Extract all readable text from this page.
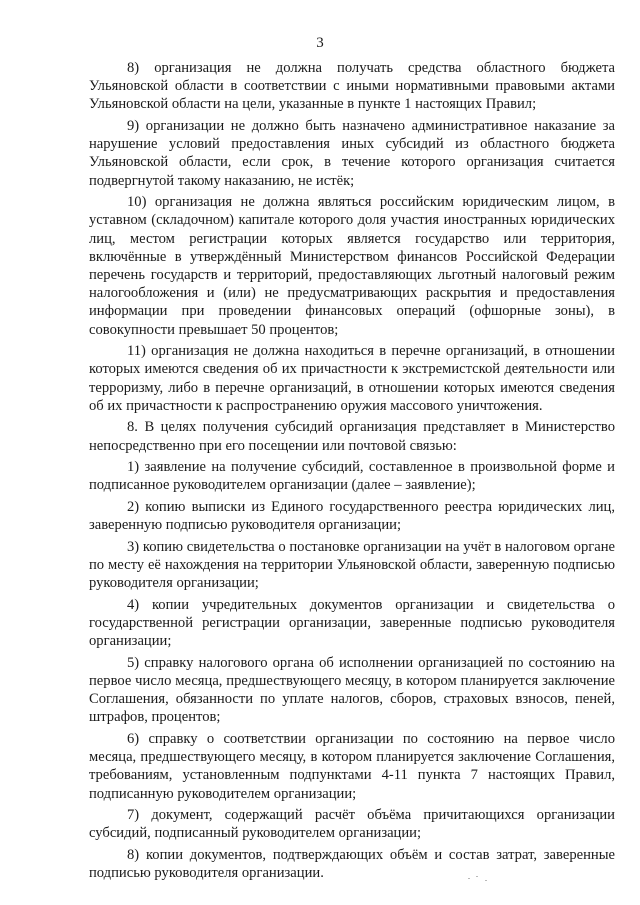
3

8) организация не должна получать средства областного бюджета Ульяновской области в соответствии с иными нормативными правовыми актами Ульяновской области на цели, указанные в пункте 1 настоящих Правил;

9) организации не должно быть назначено административное наказание за нарушение условий предоставления иных субсидий из областного бюджета Ульяновской области, если срок, в течение которого организация считается подвергнутой такому наказанию, не истёк;

10) организация не должна являться российским юридическим лицом, в уставном (складочном) капитале которого доля участия иностранных юридических лиц, местом регистрации которых является государство или территория, включённые в утверждённый Министерством финансов Российской Федерации перечень государств и территорий, предоставляющих льготный налоговый режим налогообложения и (или) не предусматривающих раскрытия и предоставления информации при проведении финансовых операций (офшорные зоны), в совокупности превышает 50 процентов;

11) организация не должна находиться в перечне организаций, в отношении которых имеются сведения об их причастности к экстремистской деятельности или терроризму, либо в перечне организаций, в отношении которых имеются сведения об их причастности к распространению оружия массового уничтожения.

8. В целях получения субсидий организация представляет в Министерство непосредственно при его посещении или почтовой связью:

1) заявление на получение субсидий, составленное в произвольной форме и подписанное руководителем организации (далее – заявление);

2) копию выписки из Единого государственного реестра юридических лиц, заверенную подписью руководителя организации;

3) копию свидетельства о постановке организации на учёт в налоговом органе по месту её нахождения на территории Ульяновской области, заверенную подписью руководителя организации;

4) копии учредительных документов организации и свидетельства о государственной регистрации организации, заверенные подписью руководителя организации;

5) справку налогового органа об исполнении организацией по состоянию на первое число месяца, предшествующего месяцу, в котором планируется заключение Соглашения, обязанности по уплате налогов, сборов, страховых взносов, пеней, штрафов, процентов;

6) справку о соответствии организации по состоянию на первое число месяца, предшествующего месяцу, в котором планируется заключение Соглашения, требованиям, установленным подпунктами 4-11 пункта 7 настоящих Правил, подписанную руководителем организации;

7) документ, содержащий расчёт объёма причитающихся организации субсидий, подписанный руководителем организации;

8) копии документов, подтверждающих объём и состав затрат, заверенные подписью руководителя организации.
